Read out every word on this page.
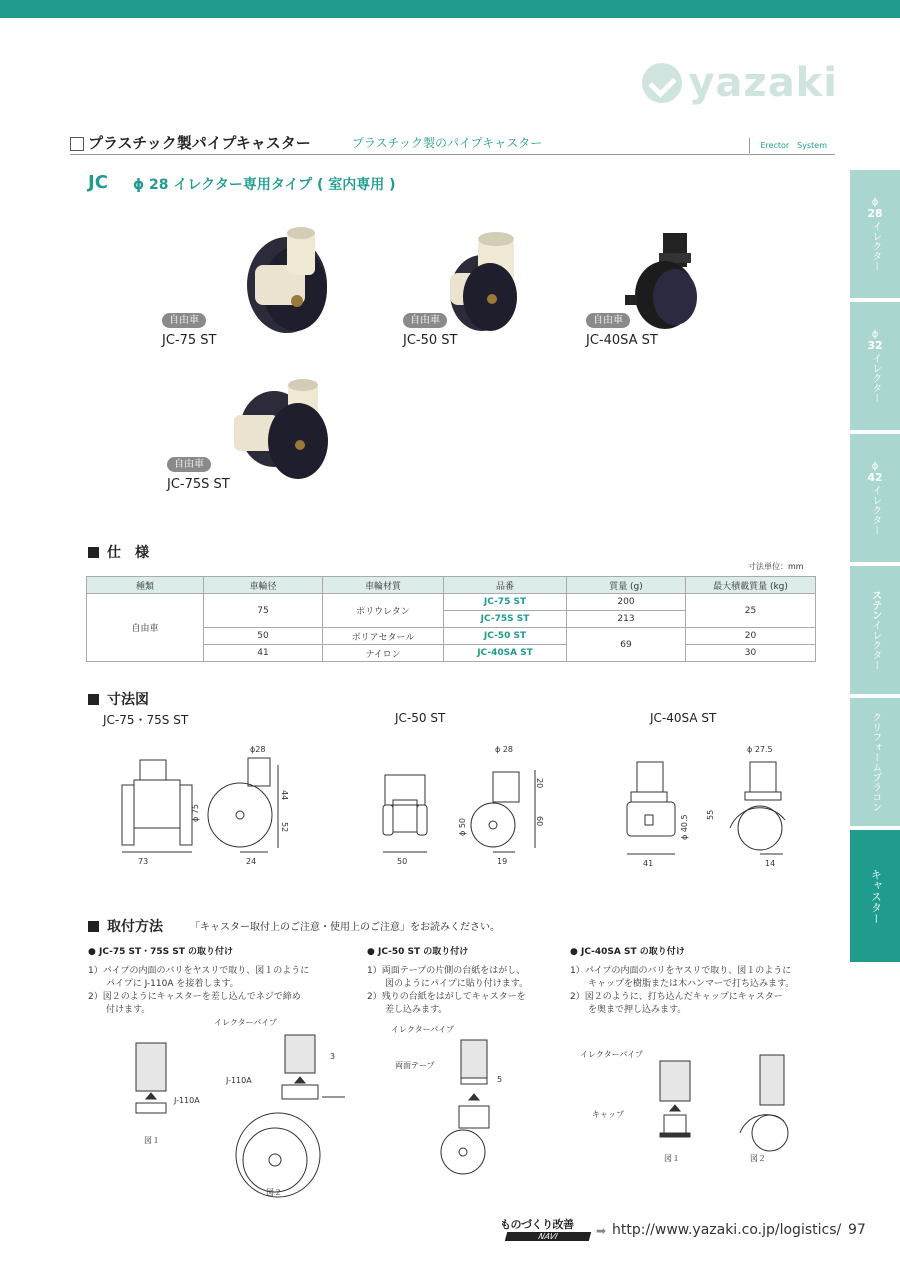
yazaki
プラスチック製パイプキャスター	プラスチック製のパイプキャスター	Erector　System
JC ϕ 28 イレクター専用タイプ ( 室内専用 )
自由車
JC-75 ST
自由車
JC-50 ST
自由車
JC-40SA ST
自由車
JC-75S ST
ϕ
28
イレクター
ϕ
32
イレクター
ϕ
42
イレクター
ステン
イレクター
クリフォームプラコン
キャスター
仕　様
寸法単位：mm
種類	車輪径	車輪材質	品番	質量 (g)	最大積載質量 (kg)
自由車	75	ポリウレタン	JC-75 ST	200	25
			JC-75S ST	213	
	50	ポリアセタール	JC-50 ST	69	20
	41	ナイロン	JC-40SA ST		30
寸法図
JC-75・75S ST	JC-50 ST	JC-40SA ST
73	24
ϕ28
44
52
ϕ 75
50	19
ϕ 28
20
60
ϕ 50
41	14
ϕ 27.5
55
ϕ 40.5
取付方法	「キャスター取付上のご注意・使用上のご注意」をお読みください。
● JC-75 ST・75S ST の取り付け
1）パイプの内面のバリをヤスリで取り、図１のように
　　パイプに J-110A を接着します。
2）図２のようにキャスターを差し込んでネジで締め
　　付けます。
● JC-50 ST の取り付け
1）両面テープの片側の台紙をはがし、
　　図のようにパイプに貼り付けます。
2）残りの台紙をはがしてキャスターを
　　差し込みます。
● JC-40SA ST の取り付け
1）パイプの内面のバリをヤスリで取り、図１のように
　　キャップを樹脂または木ハンマーで打ち込みます。
2）図２のように、打ち込んだキャップにキャスター
　　を奥まで押し込みます。
J-110A
イレクターパイプ
J-110A
3
図１
図２
イレクターパイプ
両面テープ
5
イレクターパイプ
キャップ
図１	図２
ものづくり改善
NAVI	➡ http://www.yazaki.co.jp/logistics/ 97
